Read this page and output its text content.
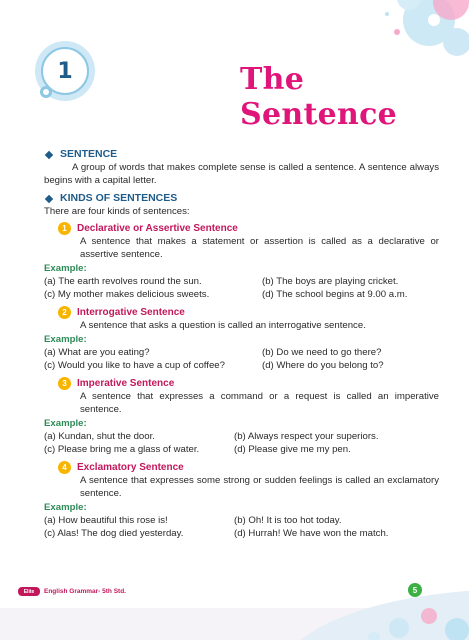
1	The Sentence
SENTENCE
A group of words that makes complete sense is called a sentence. A sentence always begins with a capital letter.
KINDS OF SENTENCES
There are four kinds of sentences:
1	Declarative or Assertive Sentence
A sentence that makes a statement or assertion is called as a declarative or assertive sentence.
Example:
(a) The earth revolves round the sun.	(b) The boys are playing cricket.
(c) My mother makes delicious sweets.	(d) The school begins at 9.00 a.m.
2	Interrogative Sentence
A sentence that asks a question is called an interrogative sentence.
Example:
(a) What are you eating?	(b) Do we need to go there?
(c) Would you like to have a cup of coffee?	(d) Where do you belong to?
3	Imperative Sentence
A sentence that expresses a command or a request is called an imperative sentence.
Example:
(a) Kundan, shut the door.	(b) Always respect your superiors.
(c) Please bring me a glass of water.	(d) Please give me my pen.
4	Exclamatory Sentence
A sentence that expresses some strong or sudden feelings is called an exclamatory sentence.
Example:
(a) How beautiful this rose is!	(b) Oh! It is too hot today.
(c) Alas! The dog died yesterday.	(d) Hurrah! We have won the match.
Elite	English Grammar- 5th Std.	5
